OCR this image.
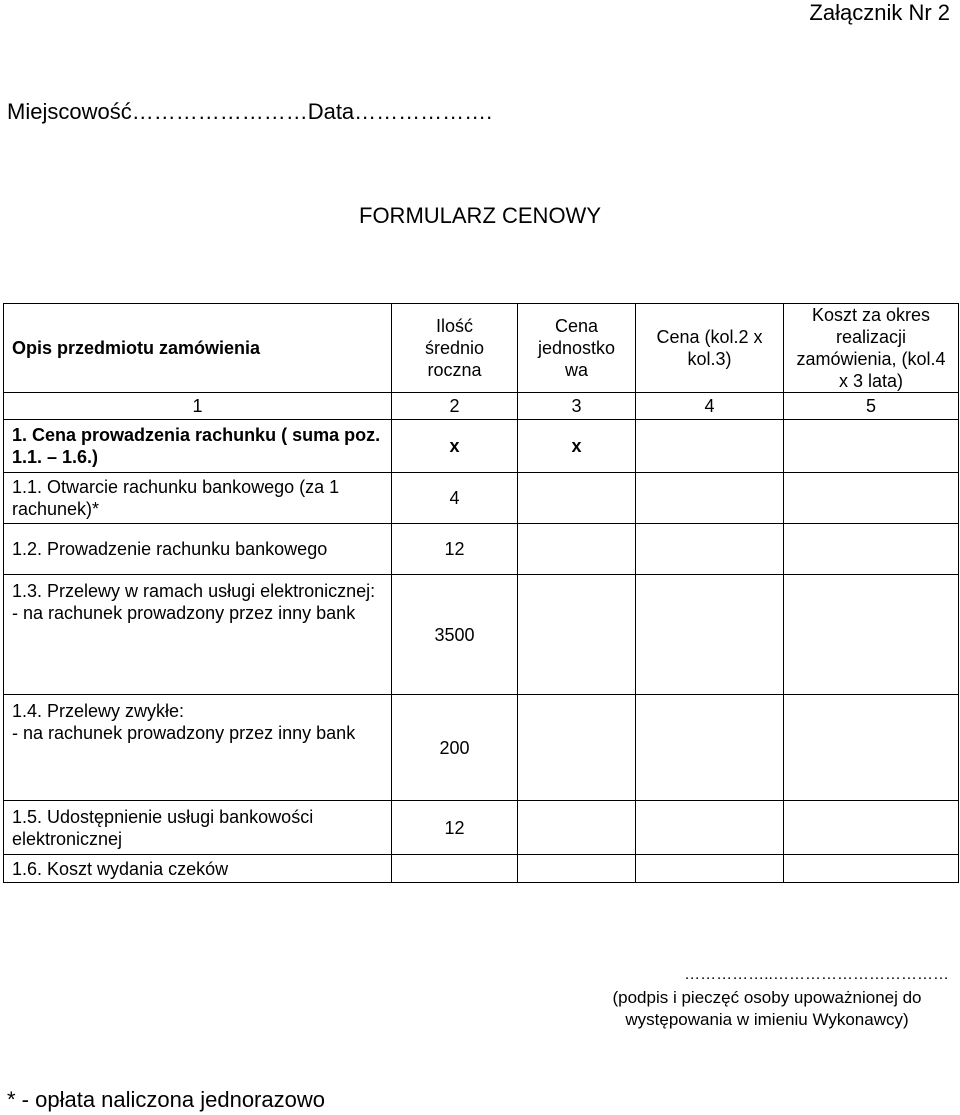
Załącznik Nr 2
Miejscowość……………………Data……………….
FORMULARZ CENOWY
Opis przedmiotu zamówienia	Ilość średnio roczna	Cena jednostko wa	Cena (kol.2 x kol.3)	Koszt za okres realizacji zamówienia, (kol.4 x 3 lata)

1	2	3	4	5
1. Cena prowadzenia rachunku ( suma poz. 1.1. – 1.6.)	x	x		
1.1. Otwarcie rachunku bankowego (za 1 rachunek)*	4			
1.2. Prowadzenie rachunku bankowego	12			
1.3. Przelewy w ramach usługi elektronicznej:
- na rachunek prowadzony przez inny bank	3500			
1.4. Przelewy zwykłe:
- na rachunek prowadzony przez inny bank	200			
1.5. Udostępnienie usługi bankowości elektronicznej	12			
1.6. Koszt wydania czeków				
……………..……………………………
(podpis i pieczęć osoby upoważnionej do występowania w imieniu Wykonawcy)
* - opłata naliczona jednorazowo
